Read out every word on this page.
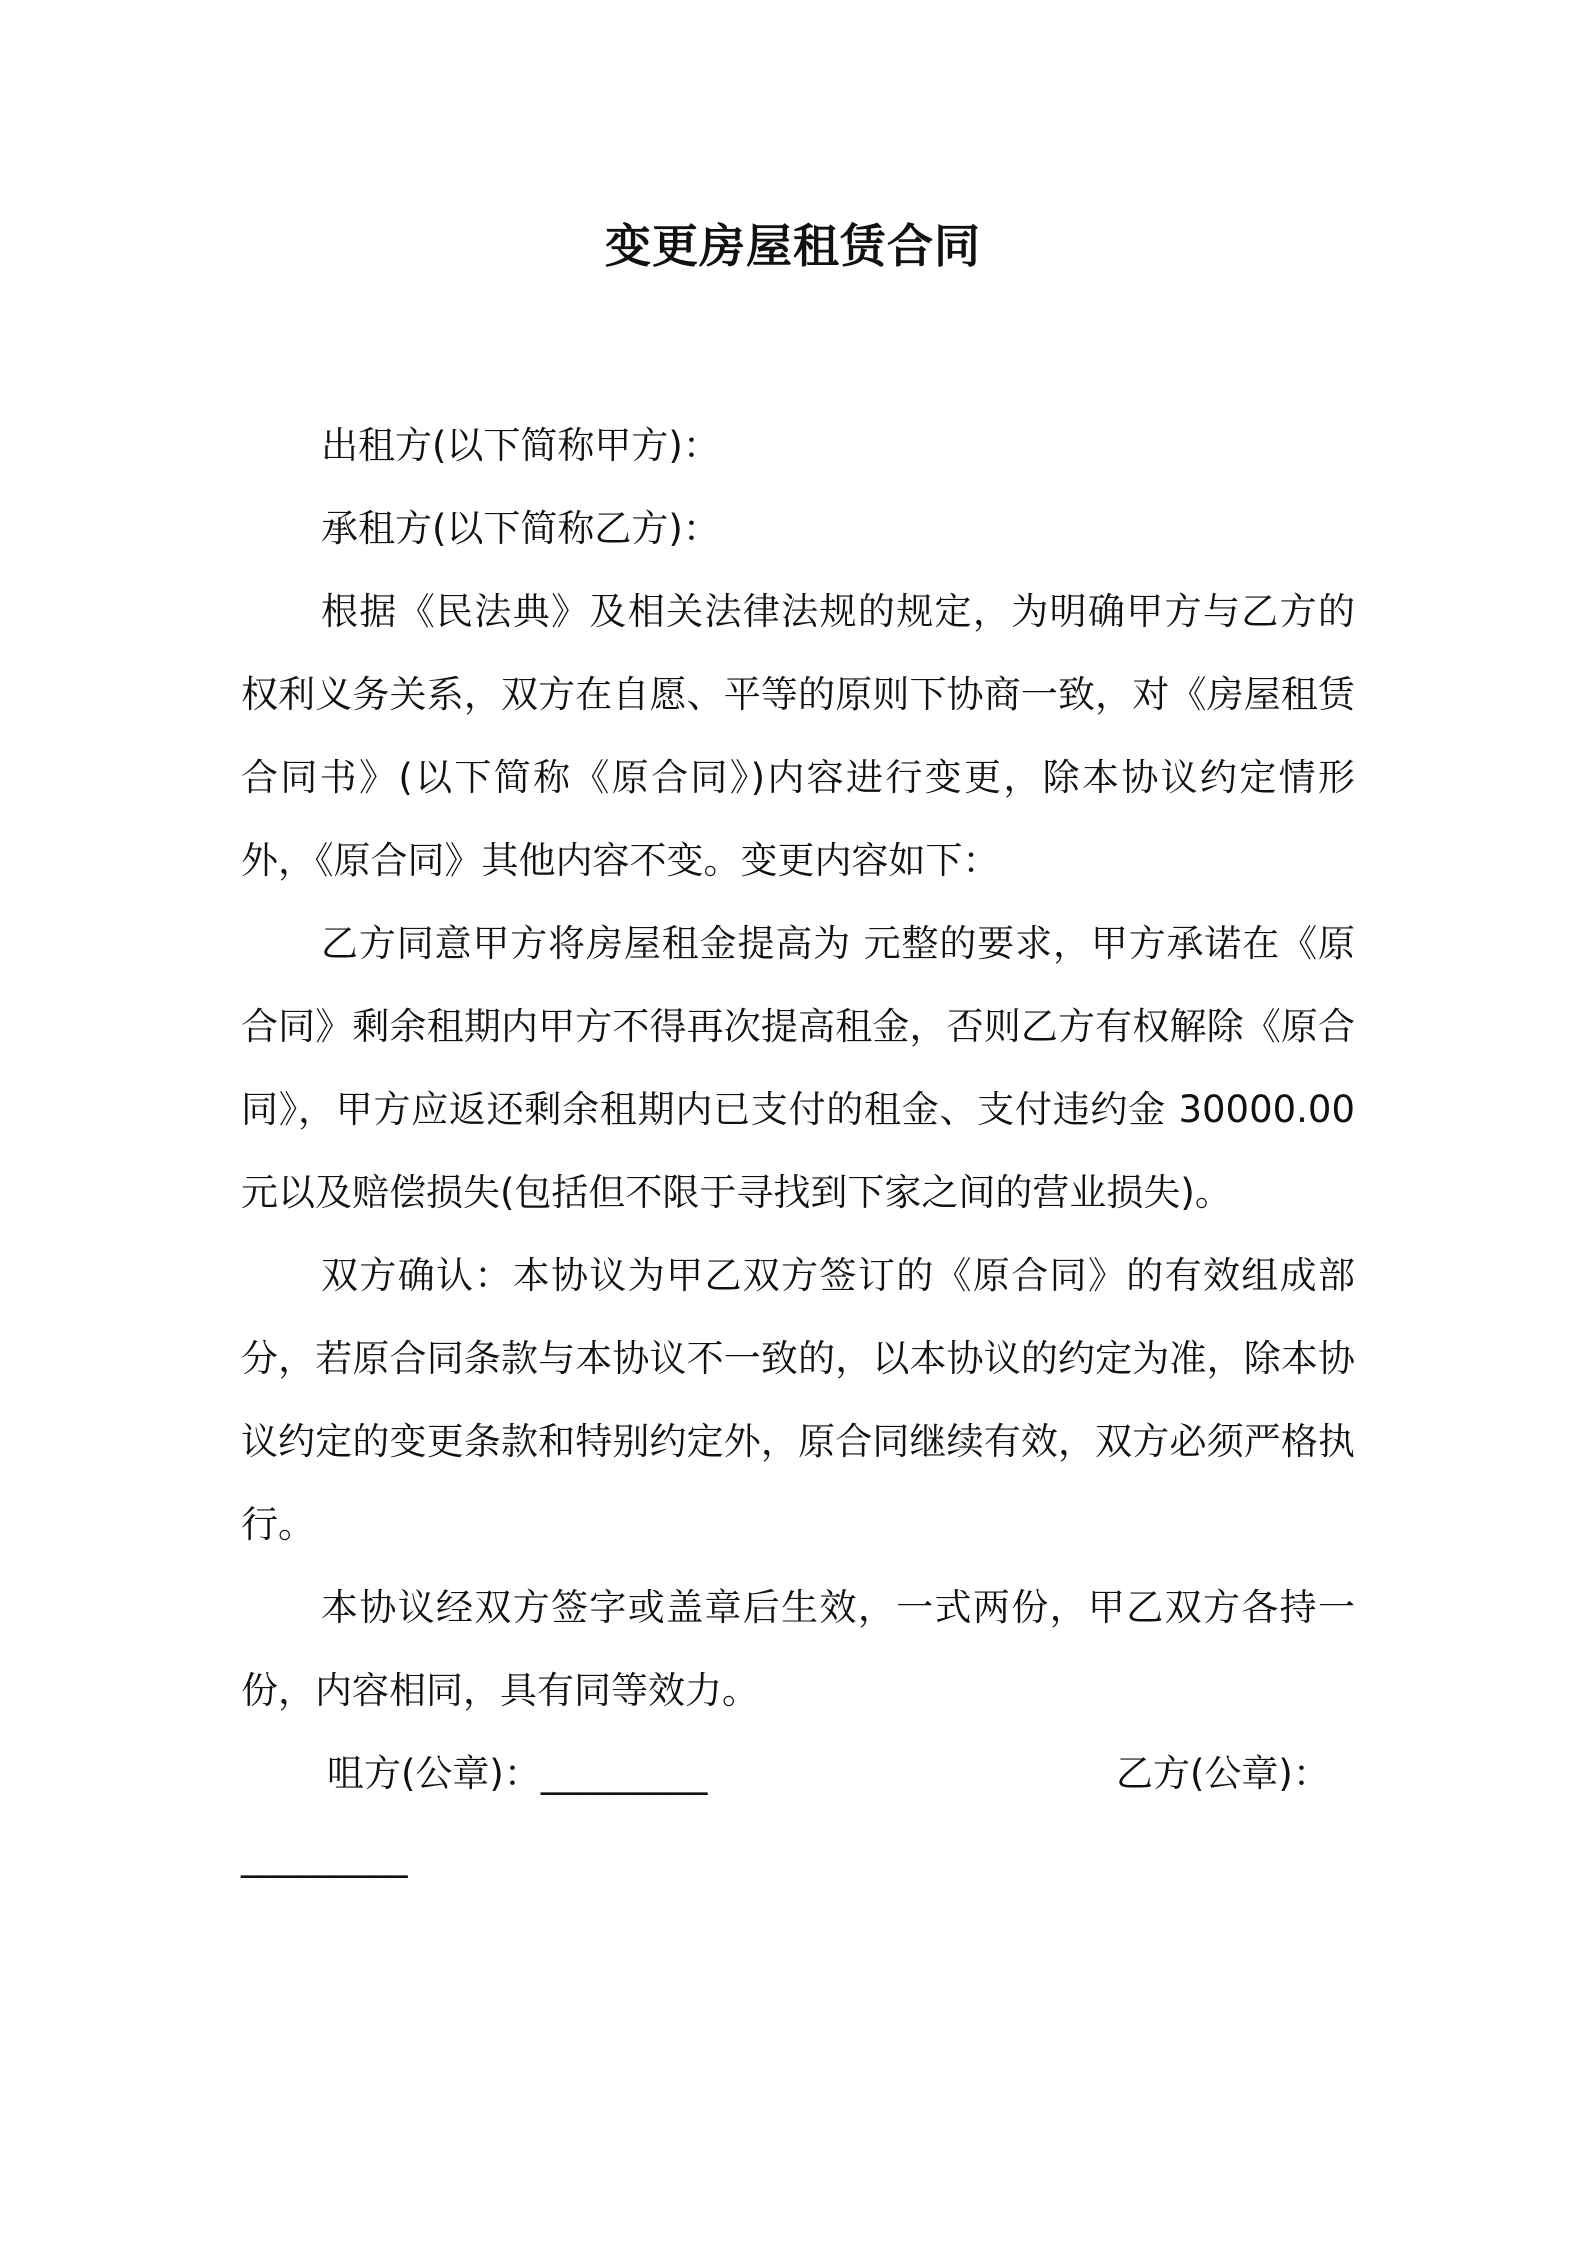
变更房屋租赁合同

出租方(以下简称甲方)：

承租方(以下简称乙方)：

根据《民法典》及相关法律法规的规定，为明确甲方与乙方的权利义务关系，双方在自愿、平等的原则下协商一致，对《房屋租赁合同书》(以下简称《原合同》)内容进行变更，除本协议约定情形外，《原合同》其他内容不变。变更内容如下：

乙方同意甲方将房屋租金提高为 元整的要求，甲方承诺在《原合同》剩余租期内甲方不得再次提高租金，否则乙方有权解除《原合同》，甲方应返还剩余租期内已支付的租金、支付违约金 30000.00 元以及赔偿损失(包括但不限于寻找到下家之间的营业损失)。

双方确认：本协议为甲乙双方签订的《原合同》的有效组成部分，若原合同条款与本协议不一致的，以本协议的约定为准，除本协议约定的变更条款和特别约定外，原合同继续有效，双方必须严格执行。

本协议经双方签字或盖章后生效，一式两份，甲乙双方各持一份，内容相同，具有同等效力。

咀方(公章)：_________	乙方(公章)：
_________
